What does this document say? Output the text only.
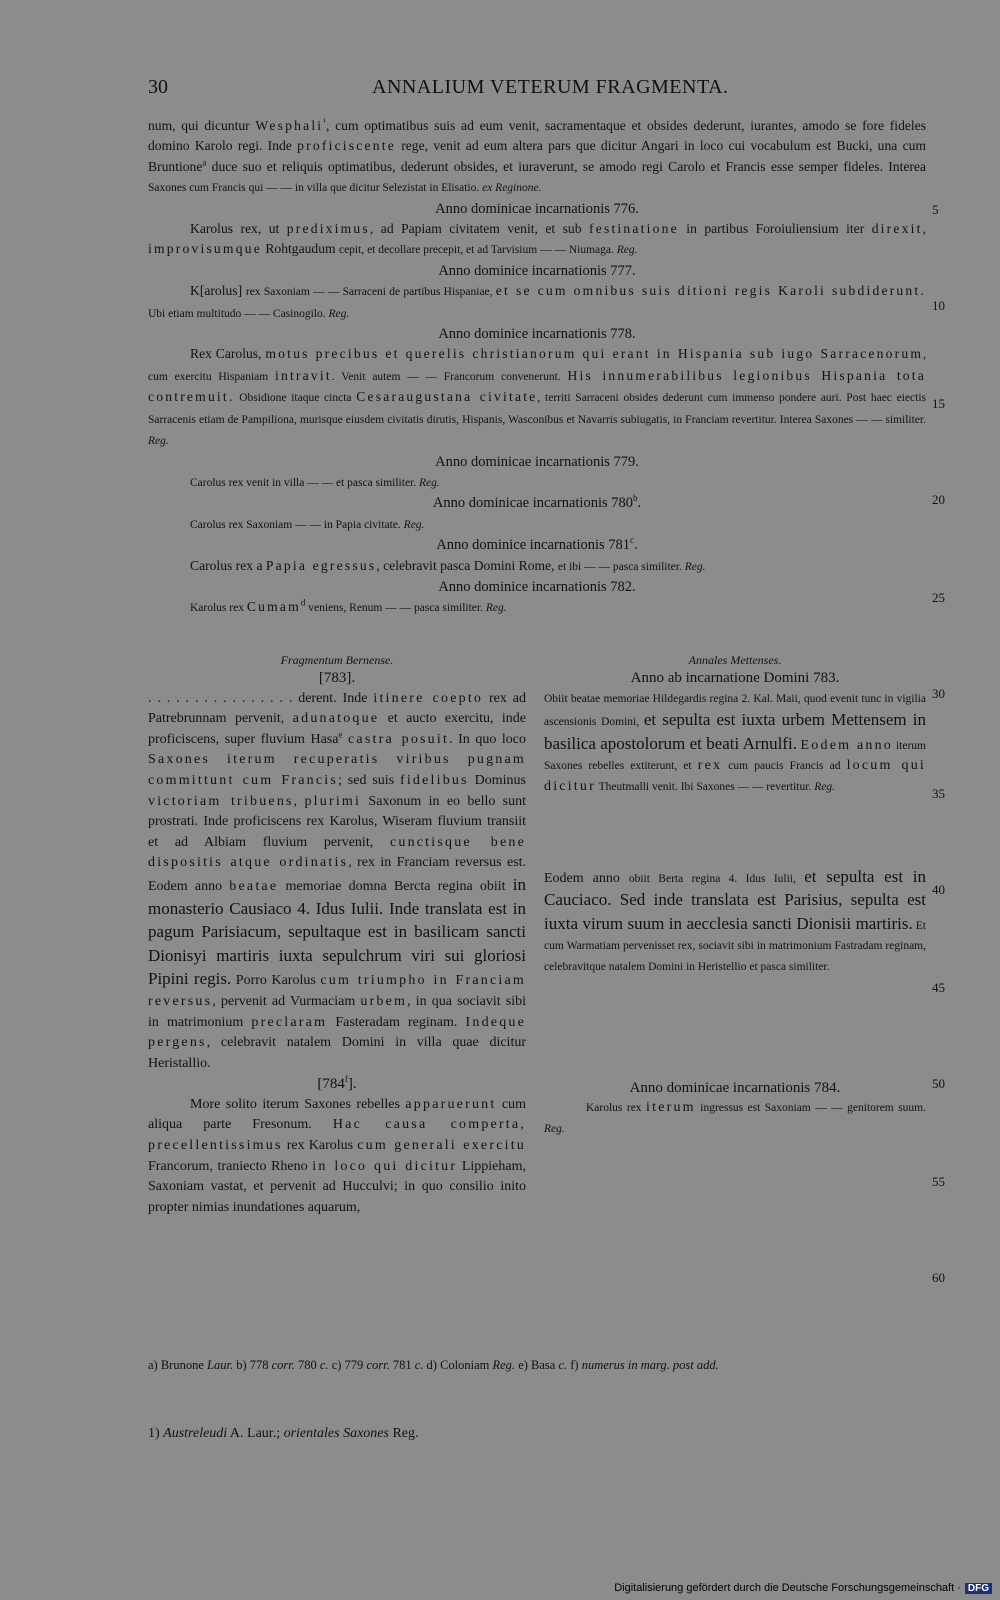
30	ANNALIUM VETERUM FRAGMENTA.

num, qui dicuntur Wesphali$^{^1}$, cum optimatibus suis ad eum venit, sacramentaque et obsides dederunt, iurantes, amodo se fore fideles domino Karolo regi. Inde proficiscente rege, venit ad eum altera pars que dicitur Angari in loco cui vocabulum est Bucki, una cum Bruntione$^a$ duce suo et reliquis optimatibus, dederunt obsides, et iuraverunt, se amodo regi Carolo et Francis esse semper fideles. Interea Saxones cum Francis qui — — in villa que dicitur Selezistat in Elisatio. ex Reginone.

Anno dominicae incarnationis 776.

Karolus rex, ut prediximus, ad Papiam civitatem venit, et sub festinatione in partibus Foroiuliensium iter direxit, improvisumque Rohtgaudum cepit, et decollare precepit, et ad Tarvisium — — Niumaga. Reg.

Anno dominice incarnationis 777.

K[arolus] rex Saxoniam — — Sarraceni de partibus Hispaniae, et se cum omnibus suis ditioni regis Karoli subdiderunt. Ubi etiam multitudo — — Casinogilo. Reg.

Anno dominice incarnationis 778.

Rex Carolus, motus precibus et querelis christianorum qui erant in Hispania sub iugo Sarracenorum, cum exercitu Hispaniam intravit. Venit autem — — Francorum convenerunt. His innumerabilibus legionibus Hispania tota contremuit. Obsidione itaque cincta Cesaraugustana civitate, territi Sarraceni obsides dederunt cum immenso pondere auri. Post haec eiectis Sarracenis etiam de Pampiliona, murisque eiusdem civitatis dirutis, Hispanis, Wasconibus et Navarris subiugatis, in Franciam revertitur. Interea Saxones — — similiter. Reg.

Anno dominicae incarnationis 779.

Carolus rex venit in villa — — et pasca similiter. Reg.

Anno dominicae incarnationis 780$^b$.

Carolus rex Saxoniam — — in Papia civitate. Reg.

Anno dominice incarnationis 781$^c$.

Carolus rex a Papia egressus, celebravit pasca Domini Rome, et ibi — — pasca similiter. Reg.

Anno dominice incarnationis 782.

Karolus rex Cumam$^d$ veniens, Renum — — pasca similiter. Reg.

Fragmentum Bernense.

[783].

. . . . . . . . . . . . . . . . derent. Inde itinere coepto rex ad Patrebrunnam pervenit, adunatoque et aucto exercitu, inde proficiscens, super fluvium Hasa$^e$ castra posuit. In quo loco Saxones iterum recuperatis viribus pugnam committunt cum Francis; sed suis fidelibus Dominus victoriam tribuens, plurimi Saxonum in eo bello sunt prostrati. Inde proficiscens rex Karolus, Wiseram fluvium transiit et ad Albiam fluvium pervenit, cunctisque bene dispositis atque ordinatis, rex in Franciam reversus est. Eodem anno beatae memoriae domna Bercta regina obiit in monasterio Causiaco 4. Idus Iulii. Inde translata est in pagum Parisiacum, sepultaque est in basilicam sancti Dionisyi martiris iuxta sepulchrum viri sui gloriosi Pipini regis. Porro Karolus cum triumpho in Franciam reversus, pervenit ad Vurmaciam urbem, in qua sociavit sibi in matrimonium preclaram Fasteradam reginam. Indeque pergens, celebravit natalem Domini in villa quae dicitur Heristallio.

[784$^f$].

More solito iterum Saxones rebelles apparuerunt cum aliqua parte Fresonum. Hac causa comperta, precellentissimus rex Karolus cum generali exercitu Francorum, traniecto Rheno in loco qui dicitur Lippieham, Saxoniam vastat, et pervenit ad Hucculvi; in quo consilio inito propter nimias inundationes aquarum,

Annales Mettenses.

Anno ab incarnatione Domini 783.

Obiit beatae memoriae Hildegardis regina 2. Kal. Maii, quod evenit tunc in vigilia ascensionis Domini, et sepulta est iuxta urbem Mettensem in basilica apostolorum et beati Arnulfi. Eodem anno iterum Saxones rebelles extiterunt, et rex cum paucis Francis ad locum qui dicitur Theutmalli venit. Ibi Saxones — — revertitur. Reg.

Eodem anno obiit Berta regina 4. Idus Iulii, et sepulta est in Cauciaco. Sed inde translata est Parisius, sepulta est iuxta virum suum in aecclesia sancti Dionisii martiris. Et cum Warmatiam pervenisset rex, sociavit sibi in matrimonium Fastradam reginam, celebravitque natalem Domini in Heristellio et pasca similiter.

Anno dominicae incarnationis 784.

Karolus rex iterum ingressus est Saxoniam — — genitorem suum. Reg.

5
10
15
20
25
30
35
40
45
50
55
60
a) Brunone Laur. b) 778 corr. 780 c. c) 779 corr. 781 c. d) Coloniam Reg. e) Basa c. f) numerus in marg. post add.
1) Austreleudi A. Laur.; orientales Saxones Reg.
Digitalisierung gefördert durch die Deutsche Forschungsgemeinschaft · DFG
